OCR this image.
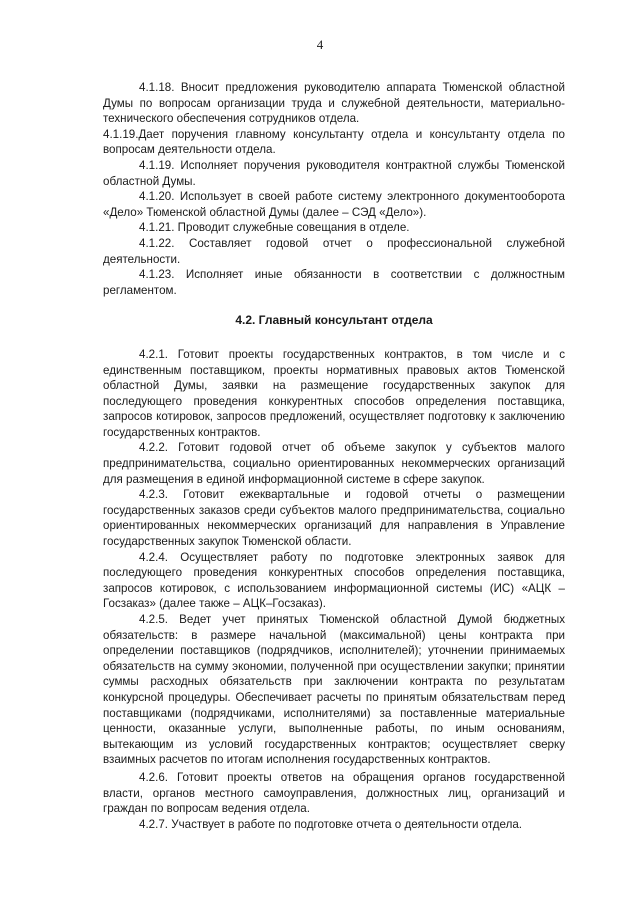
4

4.1.18. Вносит предложения руководителю аппарата Тюменской областной Думы по вопросам организации труда и служебной деятельности, материально-технического обеспечения сотрудников отдела.

4.1.19.Дает поручения главному консультанту отдела и консультанту отдела по вопросам деятельности отдела.

4.1.19. Исполняет поручения руководителя контрактной службы Тюменской областной Думы.

4.1.20. Использует в своей работе систему электронного документооборота «Дело» Тюменской областной Думы (далее – СЭД «Дело»).

4.1.21. Проводит служебные совещания в отделе.

4.1.22. Составляет годовой отчет о профессиональной служебной деятельности.

4.1.23. Исполняет иные обязанности в соответствии с должностным регламентом.

4.2. Главный консультант отдела

4.2.1. Готовит проекты государственных контрактов, в том числе и с единственным поставщиком, проекты нормативных правовых актов Тюменской областной Думы, заявки на размещение государственных закупок для последующего проведения конкурентных способов определения поставщика, запросов котировок, запросов предложений, осуществляет подготовку к заключению государственных контрактов.

4.2.2. Готовит годовой отчет об объеме закупок у субъектов малого предпринимательства, социально ориентированных некоммерческих организаций для размещения в единой информационной системе в сфере закупок.

4.2.3. Готовит ежеквартальные и годовой отчеты о размещении государственных заказов среди субъектов малого предпринимательства, социально ориентированных некоммерческих организаций для направления в Управление государственных закупок Тюменской области.

4.2.4. Осуществляет работу по подготовке электронных заявок для последующего проведения конкурентных способов определения поставщика, запросов котировок, с использованием информационной системы (ИС) «АЦК – Госзаказ» (далее также – АЦК–Госзаказ).

4.2.5. Ведет учет принятых Тюменской областной Думой бюджетных обязательств: в размере начальной (максимальной) цены контракта при определении поставщиков (подрядчиков, исполнителей); уточнении принимаемых обязательств на сумму экономии, полученной при осуществлении закупки; принятии суммы расходных обязательств при заключении контракта по результатам конкурсной процедуры. Обеспечивает расчеты по принятым обязательствам перед поставщиками (подрядчиками, исполнителями) за поставленные материальные ценности, оказанные услуги, выполненные работы, по иным основаниям, вытекающим из условий государственных контрактов; осуществляет сверку взаимных расчетов по итогам исполнения государственных контрактов.

4.2.6. Готовит проекты ответов на обращения органов государственной власти, органов местного самоуправления, должностных лиц, организаций и граждан по вопросам ведения отдела.

4.2.7. Участвует в работе по подготовке отчета о деятельности отдела.
